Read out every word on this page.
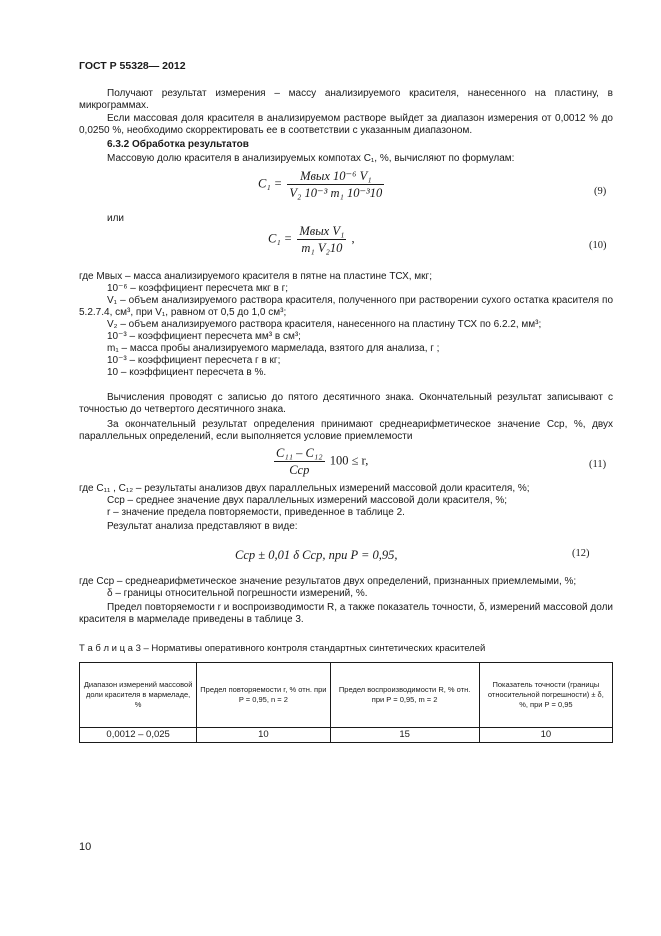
ГОСТ Р 55328— 2012
Получают результат измерения – массу анализируемого красителя, нанесенного на пластину, в микрограммах.
Если массовая доля красителя в анализируемом растворе выйдет за диапазон измерения от 0,0012 % до 0,0250 %, необходимо скорректировать ее в соответствии с указанным диапазоном.
6.3.2 Обработка результатов
Массовую долю красителя в анализируемых компотах C₁, %, вычисляют по формулам:
$C_1 = \frac{\text{Mвых 10⁻⁶ V₁}}{\text{V₂ 10⁻³ m₁ 10⁻³10}}$	(9)
или
$C_1 = \frac{\text{Mвых V₁}}{\text{m₁ V₂10}}$ ,
(10)
где Mвых – масса анализируемого красителя в пятне на пластине ТСХ, мкг;
10⁻⁶ – коэффициент пересчета мкг в г;
V₁ – объем анализируемого раствора красителя, полученного при растворении сухого остатка красителя по 5.2.7.4, см³, при V₁, равном от 0,5 до 1,0 см³;
V₂ – объем анализируемого раствора красителя, нанесенного на пластину ТСХ по 6.2.2, мм³;
10⁻³ – коэффициент пересчета мм³ в см³;
m₁ – масса пробы анализируемого мармелада, взятого для анализа, г ;
10⁻³ – коэффициент пересчета г в кг;
10 – коэффициент пересчета в %.
Вычисления проводят с записью до пятого десятичного знака. Окончательный результат записывают с точностью до четвертого десятичного знака.
За окончательный результат определения принимают среднеарифметическое значение Cср, %, двух параллельных определений, если выполняется условие приемлемости
$\frac{\text{C₁₁ – C₁₂}}{\text{Cср}} 100 \le r$,	(11)
где C₁₁ , C₁₂ – результаты анализов двух параллельных измерений массовой доли красителя, %;
Cср – среднее значение двух параллельных измерений массовой доли красителя, %;
r – значение предела повторяемости, приведенное в таблице 2.
Результат анализа представляют в виде:
Cср ± 0,01 δ Cср, при P = 0,95,	(12)
где Cср – среднеарифметическое значение результатов двух определений, признанных приемлемыми, %;
δ – границы относительной погрешности измерений, %.
Предел повторяемости r и воспроизводимости R, а также показатель точности, δ, измерений массовой доли красителя в мармеладе приведены в таблице 3.
Т а б л и ц а 3 – Нормативы оперативного контроля стандартных синтетических красителей
Диапазон измерений массовой доли красителя в мармеладе, %	Предел повторяемости r, % отн. при P = 0,95, n = 2	Предел воспроизводимости R, % отн. при P = 0,95, m = 2	Показатель точности (границы относительной погрешности) ± δ, %, при P = 0,95
0,0012 – 0,025	10	15	10
10
